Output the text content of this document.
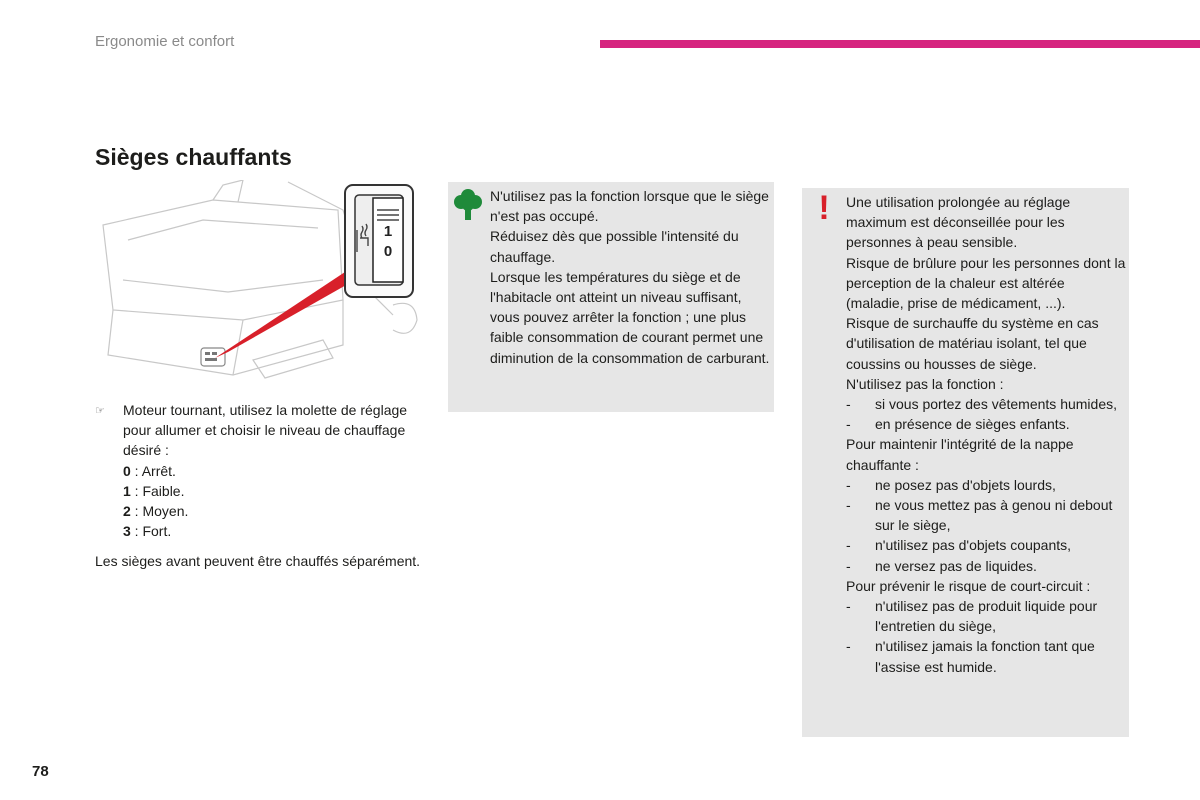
Ergonomie et confort
Sièges chauffants
1
0
☞	Moteur tournant, utilisez la molette de réglage pour allumer et choisir le niveau de chauffage désiré :
0 : Arrêt.
1 : Faible.
2 : Moyen.
3 : Fort.

Les sièges avant peuvent être chauffés séparément.

N'utilisez pas la fonction lorsque que le siège n'est pas occupé.

Réduisez dès que possible l'intensité du chauffage.

Lorsque les températures du siège et de l'habitacle ont atteint un niveau suffisant, vous pouvez arrêter la fonction ; une plus faible consommation de courant permet une diminution de la consommation de carburant.

! Une utilisation prolongée au réglage maximum est déconseillée pour les personnes à peau sensible.

Risque de brûlure pour les personnes dont la perception de la chaleur est altérée (maladie, prise de médicament, ...).

Risque de surchauffe du système en cas d'utilisation de matériau isolant, tel que coussins ou housses de siège.

N'utilisez pas la fonction :

- si vous portez des vêtements humides,
- en présence de sièges enfants.

Pour maintenir l'intégrité de la nappe chauffante :

- ne posez pas d'objets lourds,
- ne vous mettez pas à genou ni debout sur le siège,
- n'utilisez pas d'objets coupants,
- ne versez pas de liquides.

Pour prévenir le risque de court-circuit :

- n'utilisez pas de produit liquide pour l'entretien du siège,
- n'utilisez jamais la fonction tant que l'assise est humide.
78
